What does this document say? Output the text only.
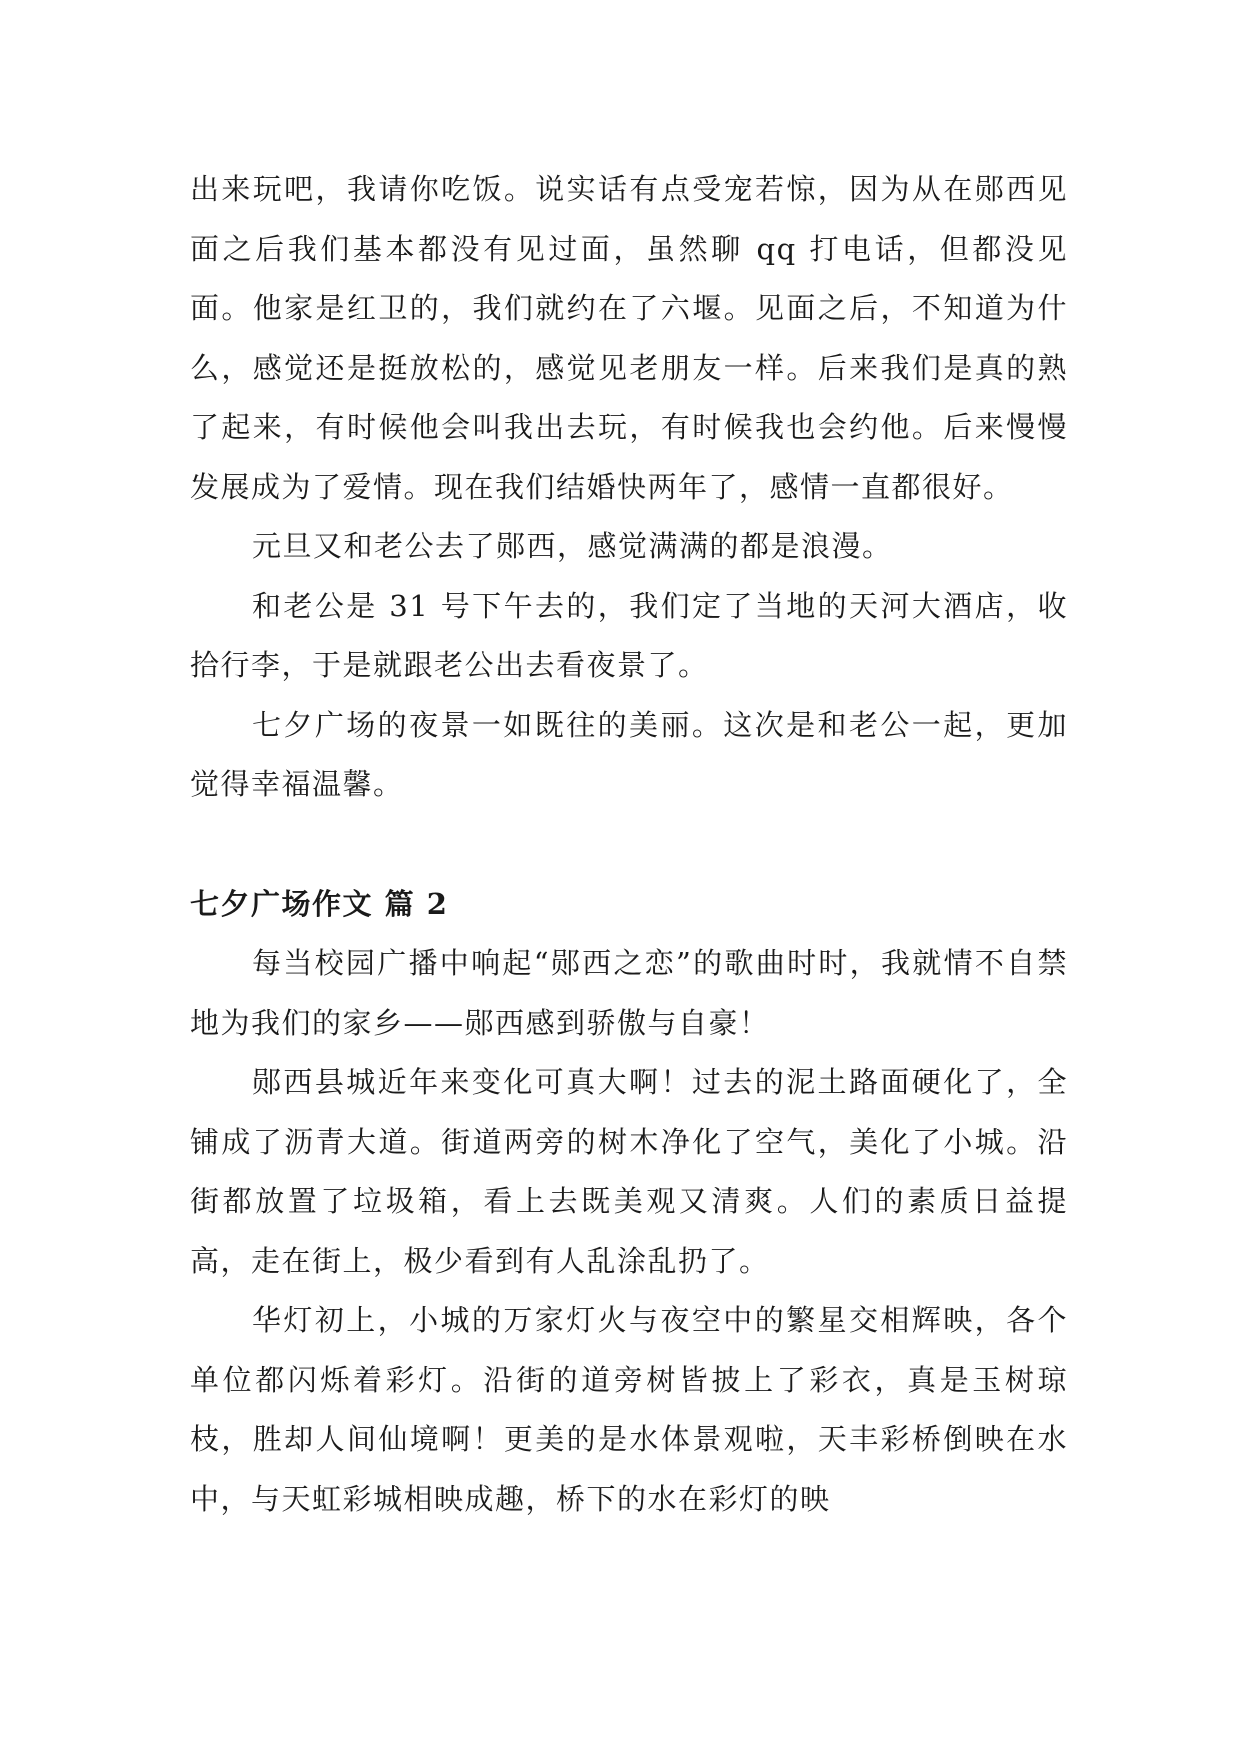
出来玩吧，我请你吃饭。说实话有点受宠若惊，因为从在郧西见面之后我们基本都没有见过面，虽然聊 qq 打电话，但都没见面。他家是红卫的，我们就约在了六堰。见面之后，不知道为什么，感觉还是挺放松的，感觉见老朋友一样。后来我们是真的熟了起来，有时候他会叫我出去玩，有时候我也会约他。后来慢慢发展成为了爱情。现在我们结婚快两年了，感情一直都很好。

元旦又和老公去了郧西，感觉满满的都是浪漫。

和老公是 31 号下午去的，我们定了当地的天河大酒店，收拾行李，于是就跟老公出去看夜景了。

七夕广场的夜景一如既往的美丽。这次是和老公一起，更加觉得幸福温馨。

七夕广场作文 篇 2

每当校园广播中响起“郧西之恋”的歌曲时时，我就情不自禁地为我们的家乡——郧西感到骄傲与自豪！

郧西县城近年来变化可真大啊！过去的泥土路面硬化了，全铺成了沥青大道。街道两旁的树木净化了空气，美化了小城。沿街都放置了垃圾箱，看上去既美观又清爽。人们的素质日益提高，走在街上，极少看到有人乱涂乱扔了。

华灯初上，小城的万家灯火与夜空中的繁星交相辉映，各个单位都闪烁着彩灯。沿街的道旁树皆披上了彩衣，真是玉树琼枝，胜却人间仙境啊！更美的是水体景观啦，天丰彩桥倒映在水中，与天虹彩城相映成趣，桥下的水在彩灯的映
